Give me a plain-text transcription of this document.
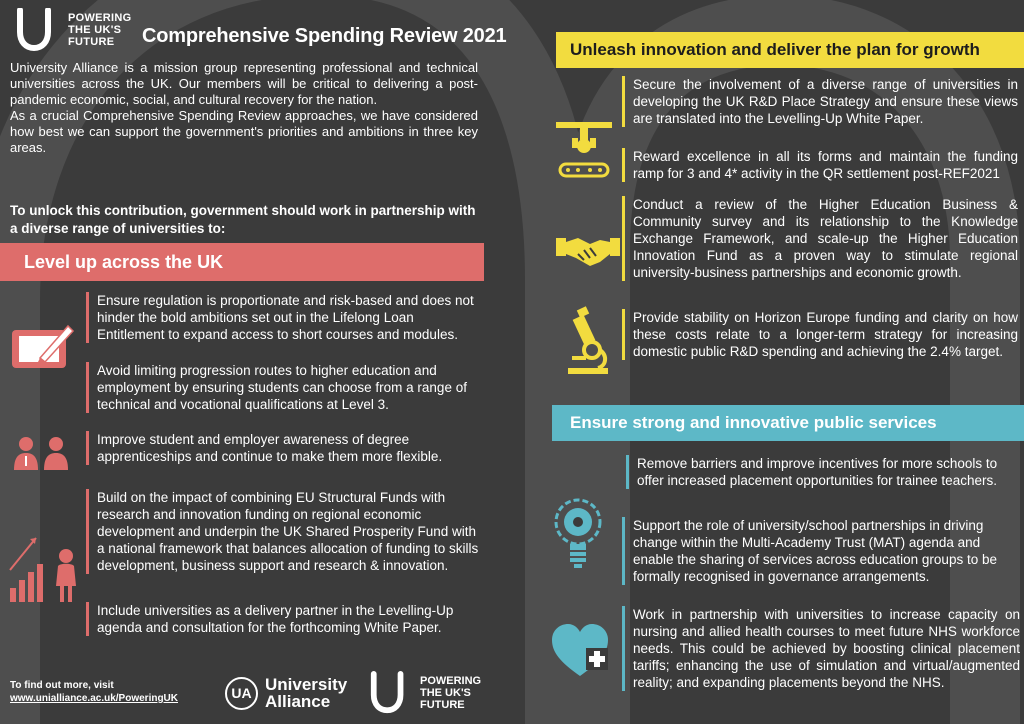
POWERING
THE UK'S
FUTURE	Comprehensive Spending Review 2021

University Alliance is a mission group representing professional and technical universities across the UK. Our members will be critical to delivering a post-pandemic economic, social, and cultural recovery for the nation.

As a crucial Comprehensive Spending Review approaches, we have considered how best we can support the government's priorities and ambitions in three key areas.

To unlock this contribution, government should work in partnership with a diverse range of universities to:
Level up across the UK
Ensure regulation is proportionate and risk-based and does not hinder the bold ambitions set out in the Lifelong Loan Entitlement to expand access to short courses and modules.
Avoid limiting progression routes to higher education and employment by ensuring students can choose from a range of technical and vocational qualifications at Level 3.
Improve student and employer awareness of degree apprenticeships and continue to make them more flexible.
Build on the impact of combining EU Structural Funds with research and innovation funding on regional economic development and underpin the UK Shared Prosperity Fund with a national framework that balances allocation of funding to skills development, business support and research & innovation.
Include universities as a delivery partner in the Levelling-Up agenda and consultation for the forthcoming White Paper.
Unleash innovation and deliver the plan for growth
Secure the involvement of a diverse range of universities in developing the UK R&D Place Strategy and ensure these views are translated into the Levelling-Up White Paper.
Reward excellence in all its forms and maintain the funding ramp for 3 and 4* activity in the QR settlement post-REF2021
Conduct a review of the Higher Education Business & Community survey and its relationship to the Knowledge Exchange Framework, and scale-up the Higher Education Innovation Fund as a proven way to stimulate regional university-business partnerships and economic growth.
Provide stability on Horizon Europe funding and clarity on how these costs relate to a longer-term strategy for increasing domestic public R&D spending and achieving the 2.4% target.
Ensure strong and innovative public services
Remove barriers and improve incentives for more schools to offer increased placement opportunities for trainee teachers.
Support the role of university/school partnerships in driving change within the Multi-Academy Trust (MAT) agenda and enable the sharing of services across education groups to be formally recognised in governance arrangements.
Work in partnership with universities to increase capacity on nursing and allied health courses to meet future NHS workforce needs. This could be achieved by boosting clinical placement tariffs; enhancing the use of simulation and virtual/augmented reality; and expanding placements beyond the NHS.
To find out more, visit
www.unialliance.ac.uk/PoweringUK	UA University
Alliance
POWERING
THE UK'S
FUTURE
